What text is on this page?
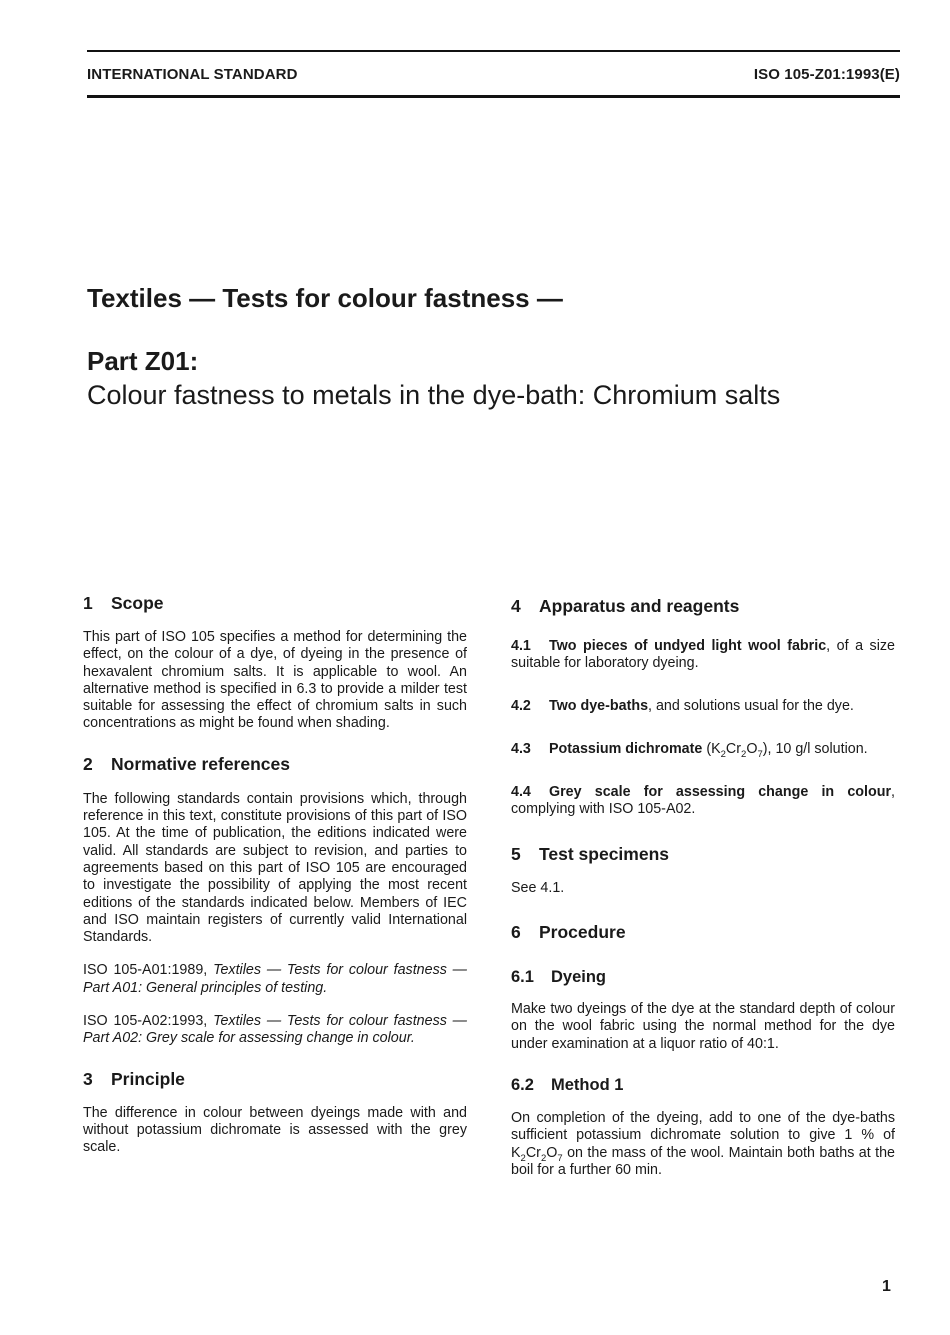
INTERNATIONAL STANDARD	ISO 105-Z01:1993(E)
Textiles — Tests for colour fastness —
Part Z01:
Colour fastness to metals in the dye-bath: Chromium salts
1 Scope

This part of ISO 105 specifies a method for determining the effect, on the colour of a dye, of dyeing in the presence of hexavalent chromium salts. It is applicable to wool. An alternative method is specified in 6.3 to provide a milder test suitable for assessing the effect of chromium salts in such concentrations as might be found when shading.

2 Normative references

The following standards contain provisions which, through reference in this text, constitute provisions of this part of ISO 105. At the time of publication, the editions indicated were valid. All standards are subject to revision, and parties to agreements based on this part of ISO 105 are encouraged to investigate the possibility of applying the most recent editions of the standards indicated below. Members of IEC and ISO maintain registers of currently valid International Standards.

ISO 105-A01:1989, Textiles — Tests for colour fastness — Part A01: General principles of testing.

ISO 105-A02:1993, Textiles — Tests for colour fastness — Part A02: Grey scale for assessing change in colour.

3 Principle

The difference in colour between dyeings made with and without potassium dichromate is assessed with the grey scale.

4 Apparatus and reagents

4.1 Two pieces of undyed light wool fabric, of a size suitable for laboratory dyeing.

4.2 Two dye-baths, and solutions usual for the dye.

4.3 Potassium dichromate $(K_2Cr_2O_7)$, 10 g/l solution.

4.4 Grey scale for assessing change in colour, complying with ISO 105-A02.

5 Test specimens

See 4.1.

6 Procedure
6.1 Dyeing

Make two dyeings of the dye at the standard depth of colour on the wool fabric using the normal method for the dye under examination at a liquor ratio of 40:1.

6.2 Method 1

On completion of the dyeing, add to one of the dye-baths sufficient potassium dichromate solution to give 1 % of $K_2Cr_2O_7$ on the mass of the wool. Maintain both baths at the boil for a further 60 min.

1
